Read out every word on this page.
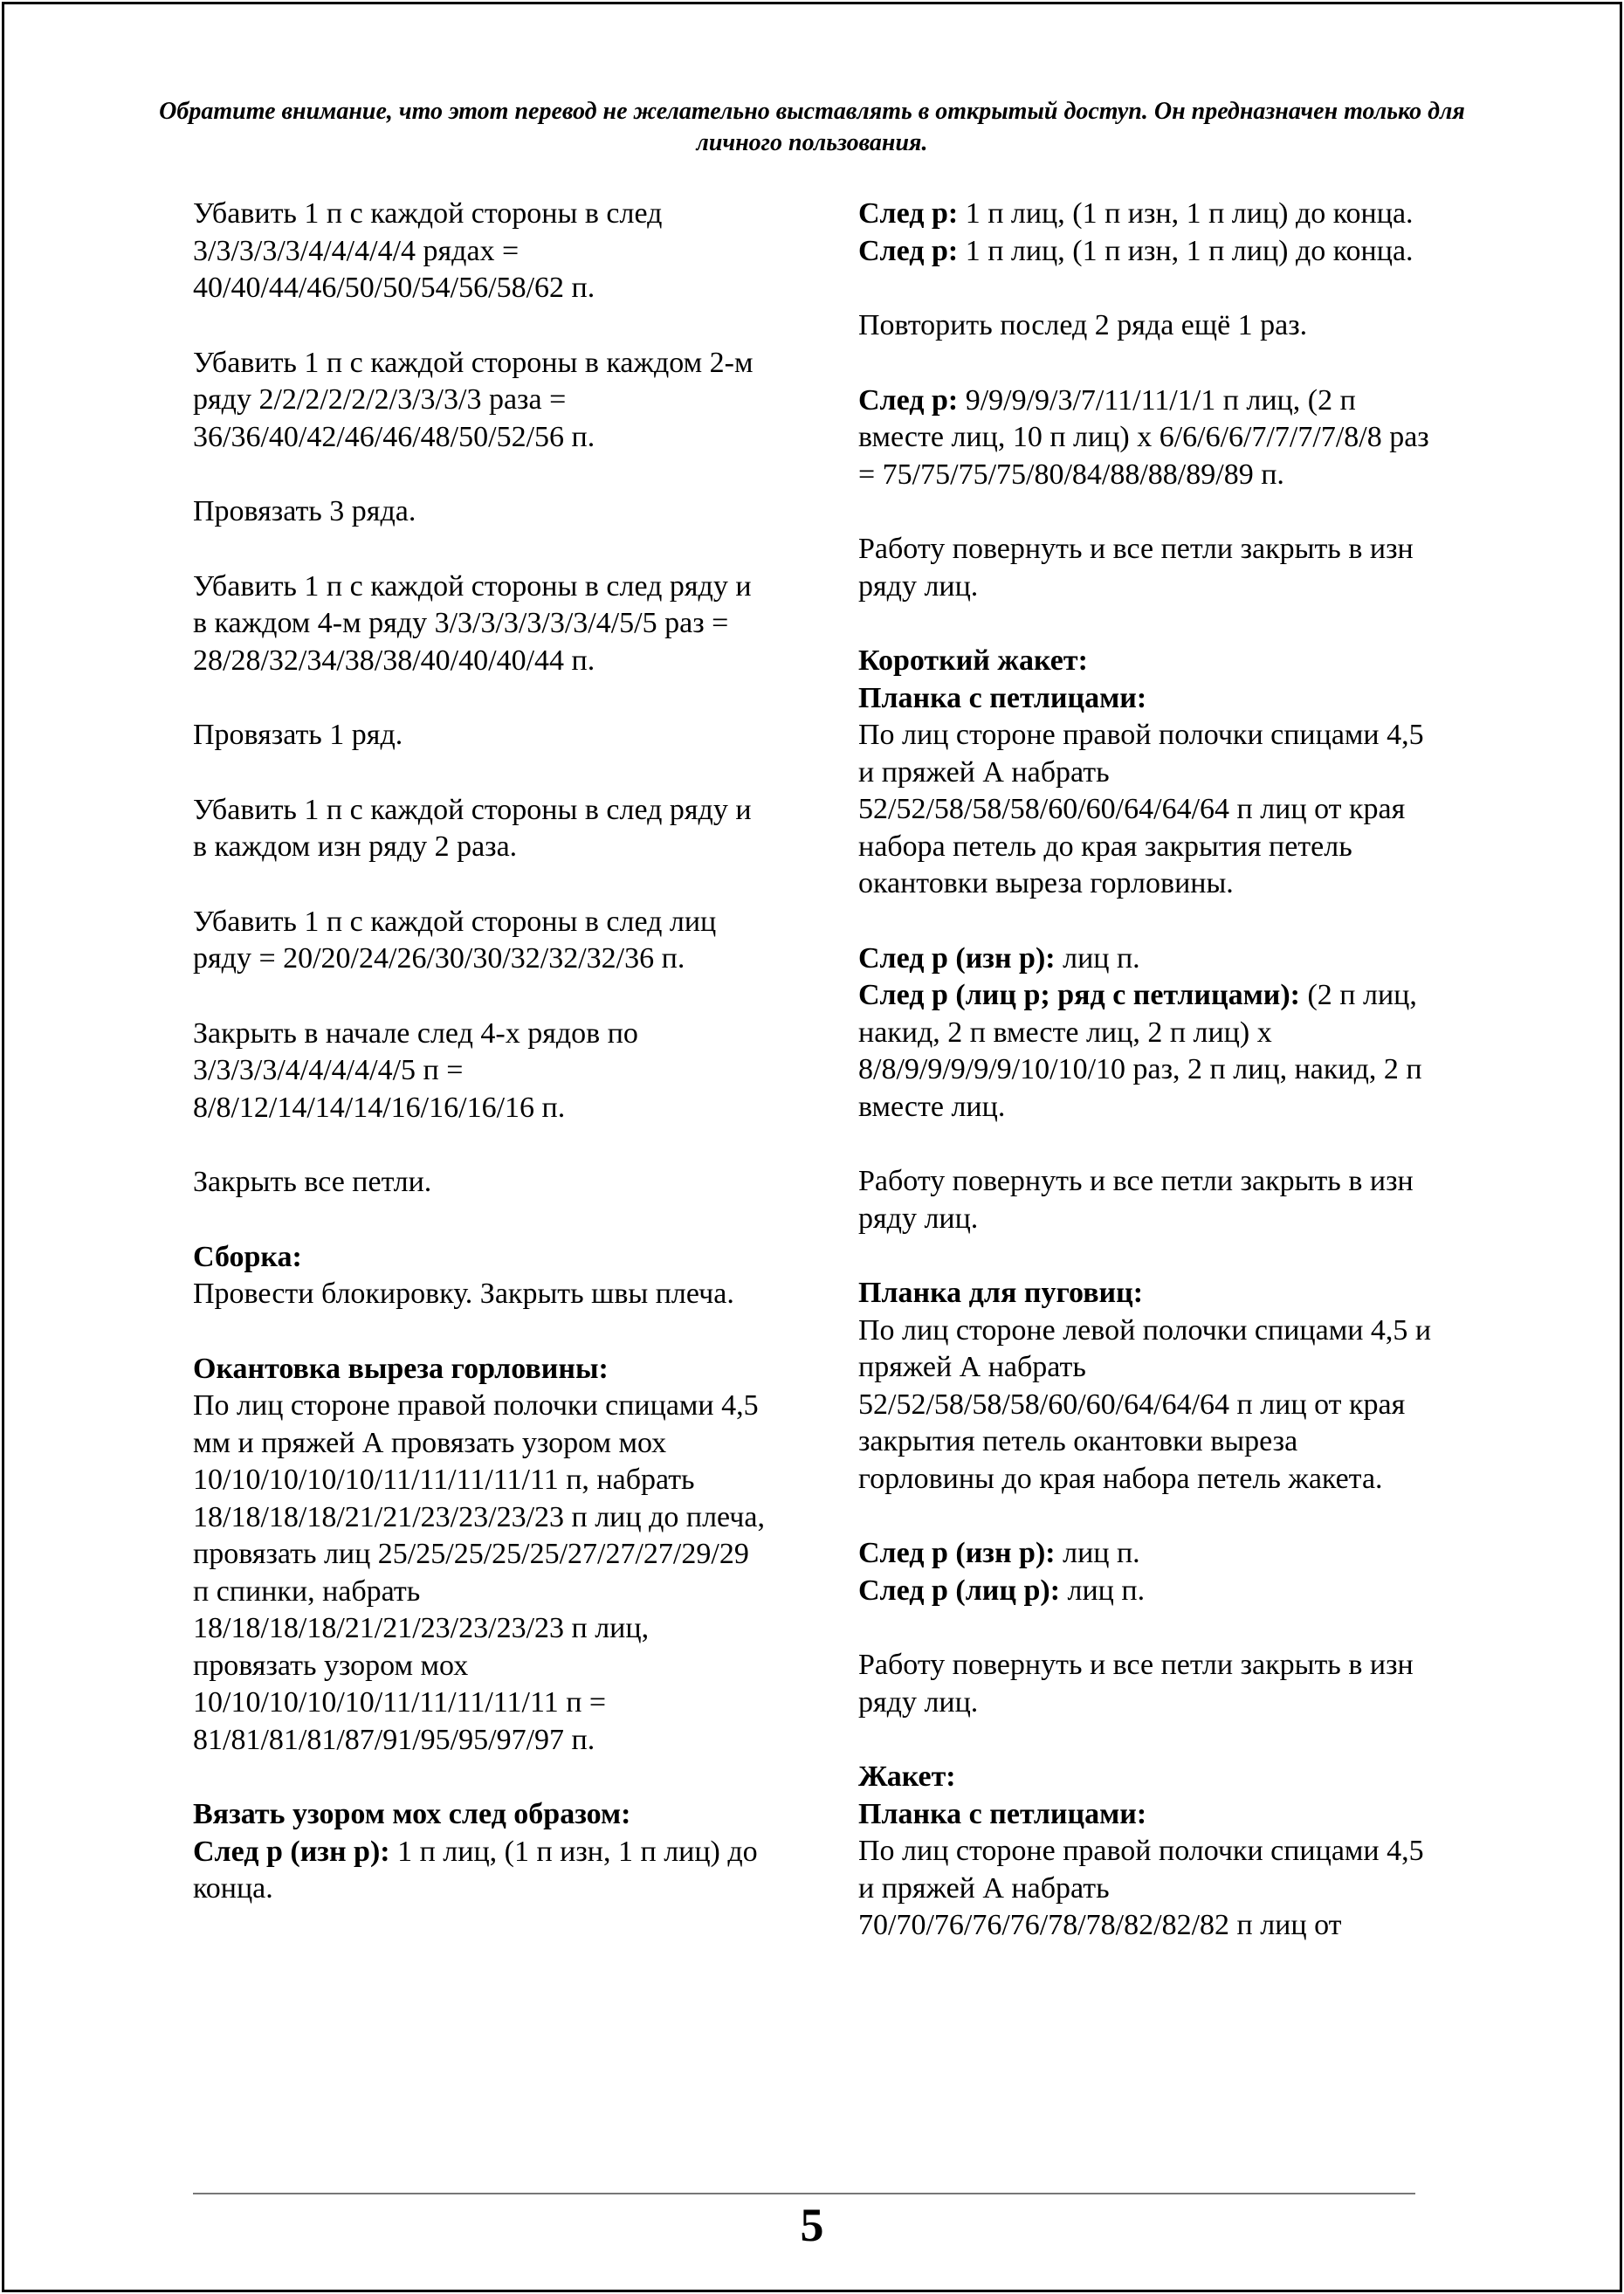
Обратите внимание, что этот перевод не желательно выставлять в открытый доступ. Он предназначен только для личного пользования.
Убавить 1 п с каждой стороны в след 3/3/3/3/3/4/4/4/4/4 рядах = 40/40/44/46/50/50/54/56/58/62 п.
Убавить 1 п с каждой стороны в каждом 2-м ряду 2/2/2/2/2/2/3/3/3/3 раза = 36/36/40/42/46/46/48/50/52/56 п.
Провязать 3 ряда.
Убавить 1 п с каждой стороны в след ряду и в каждом 4-м ряду 3/3/3/3/3/3/3/4/5/5 раз = 28/28/32/34/38/38/40/40/40/44 п.
Провязать 1 ряд.
Убавить 1 п с каждой стороны в след ряду и в каждом изн ряду 2 раза.
Убавить 1 п с каждой стороны в след лиц ряду = 20/20/24/26/30/30/32/32/32/36 п.
Закрыть в начале след 4-х рядов по 3/3/3/3/4/4/4/4/4/5 п = 8/8/12/14/14/14/16/16/16/16 п.
Закрыть все петли.
Сборка:
Провести блокировку. Закрыть швы плеча.
Окантовка выреза горловины:
По лиц стороне правой полочки спицами 4,5 мм и пряжей А провязать узором мох 10/10/10/10/10/11/11/11/11/11 п, набрать 18/18/18/18/21/21/23/23/23/23 п лиц до плеча, провязать лиц 25/25/25/25/25/27/27/27/29/29 п спинки, набрать 18/18/18/18/21/21/23/23/23/23 п лиц, провязать узором мох 10/10/10/10/10/11/11/11/11/11 п = 81/81/81/81/87/91/95/95/97/97 п.
Вязать узором мох след образом:
След р (изн р): 1 п лиц, (1 п изн, 1 п лиц) до конца.
След р: 1 п лиц, (1 п изн, 1 п лиц) до конца.
След р: 1 п лиц, (1 п изн, 1 п лиц) до конца.
Повторить послед 2 ряда ещё 1 раз.
След р: 9/9/9/9/3/7/11/11/1/1 п лиц, (2 п вместе лиц, 10 п лиц) х 6/6/6/6/7/7/7/7/8/8 раз = 75/75/75/75/80/84/88/88/89/89 п.
Работу повернуть и все петли закрыть в изн ряду лиц.
Короткий жакет:
Планка с петлицами:
По лиц стороне правой полочки спицами 4,5 и пряжей А набрать 52/52/58/58/58/60/60/64/64/64 п лиц от края набора петель до края закрытия петель окантовки выреза горловины.
След р (изн р): лиц п.
След р (лиц р; ряд с петлицами): (2 п лиц, накид, 2 п вместе лиц, 2 п лиц) х 8/8/9/9/9/9/9/10/10/10 раз, 2 п лиц, накид, 2 п вместе лиц.
Работу повернуть и все петли закрыть в изн ряду лиц.
Планка для пуговиц:
По лиц стороне левой полочки спицами 4,5 и пряжей А набрать 52/52/58/58/58/60/60/64/64/64 п лиц от края закрытия петель окантовки выреза горловины до края набора петель жакета.
След р (изн р): лиц п.
След р (лиц р): лиц п.
Работу повернуть и все петли закрыть в изн ряду лиц.
Жакет:
Планка с петлицами:
По лиц стороне правой полочки спицами 4,5 и пряжей А набрать 70/70/76/76/76/78/78/82/82/82 п лиц от
5
